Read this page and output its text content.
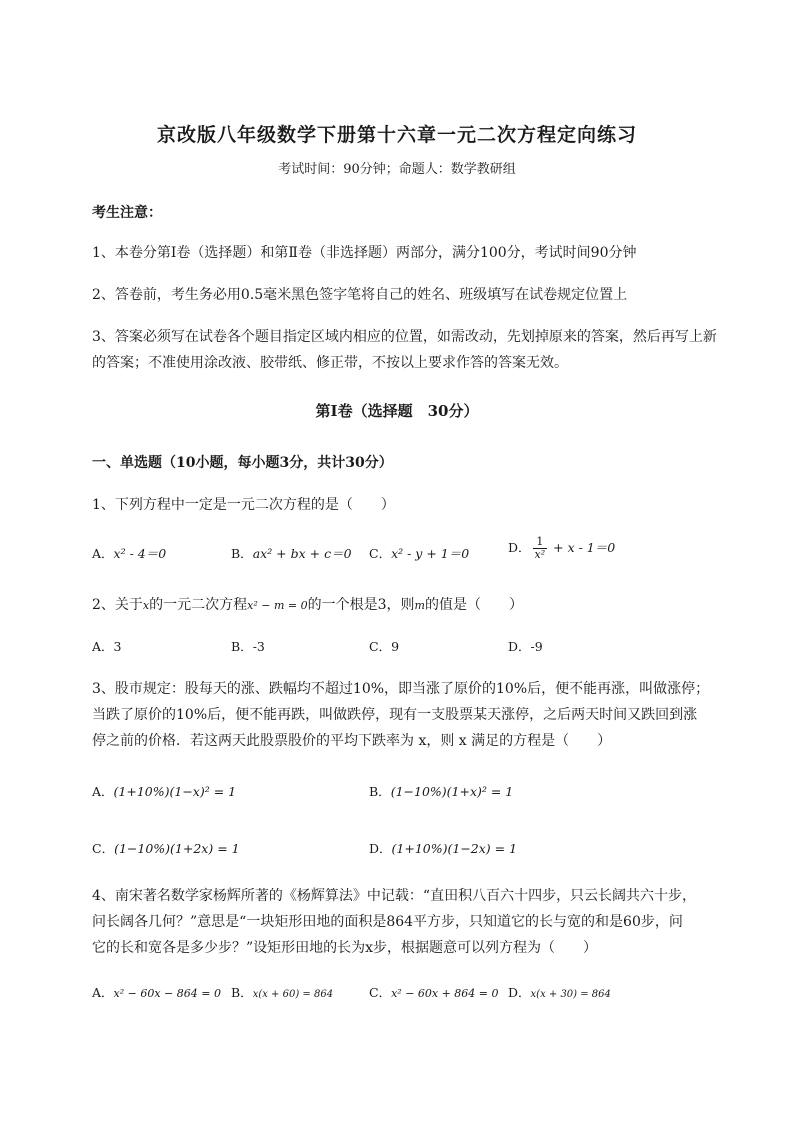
京改版八年级数学下册第十六章一元二次方程定向练习
考试时间：90分钟；命题人：数学教研组
考生注意：
1、本卷分第Ⅰ卷（选择题）和第Ⅱ卷（非选择题）两部分，满分100分，考试时间90分钟
2、答卷前，考生务必用0.5毫米黑色签字笔将自己的姓名、班级填写在试卷规定位置上
3、答案必须写在试卷各个题目指定区域内相应的位置，如需改动，先划掉原来的答案，然后再写上新
的答案；不准使用涂改液、胶带纸、修正带，不按以上要求作答的答案无效。
第Ⅰ卷（选择题　30分）
一、单选题（10小题，每小题3分，共计30分）
1、下列方程中一定是一元二次方程的是（　　）
A．x² - 4＝0	B．ax² + bx + c＝0 C．x² - y + 1＝0	D． $\frac{1}{\text{x²}} + x - 1=0$
2、关于x的一元二次方程x² − m = 0的一个根是3，则m的值是（　　）
A．3	B．-3	C．9	D．-9
3、股市规定：股每天的涨、跌幅均不超过10%，即当涨了原价的10%后，便不能再涨，叫做涨停；
当跌了原价的10%后，便不能再跌，叫做跌停，现有一支股票某天涨停，之后两天时间又跌回到涨
停之前的价格．若这两天此股票股价的平均下跌率为 x，则 x 满足的方程是（　　）
A．(1+10%)(1−x)² = 1	B．(1−10%)(1+x)² = 1
C．(1−10%)(1+2x) = 1	D．(1+10%)(1−2x) = 1
4、南宋著名数学家杨辉所著的《杨辉算法》中记载：“直田积八百六十四步，只云长阔共六十步，
问长阔各几何？”意思是“一块矩形田地的面积是864平方步，只知道它的长与宽的和是60步，问
它的长和宽各是多少步？”设矩形田地的长为x步，根据题意可以列方程为（　　）
A．x² − 60x − 864 = 0 B．x(x + 60) = 864	C．x² − 60x + 864 = 0 D．x(x + 30) = 864
